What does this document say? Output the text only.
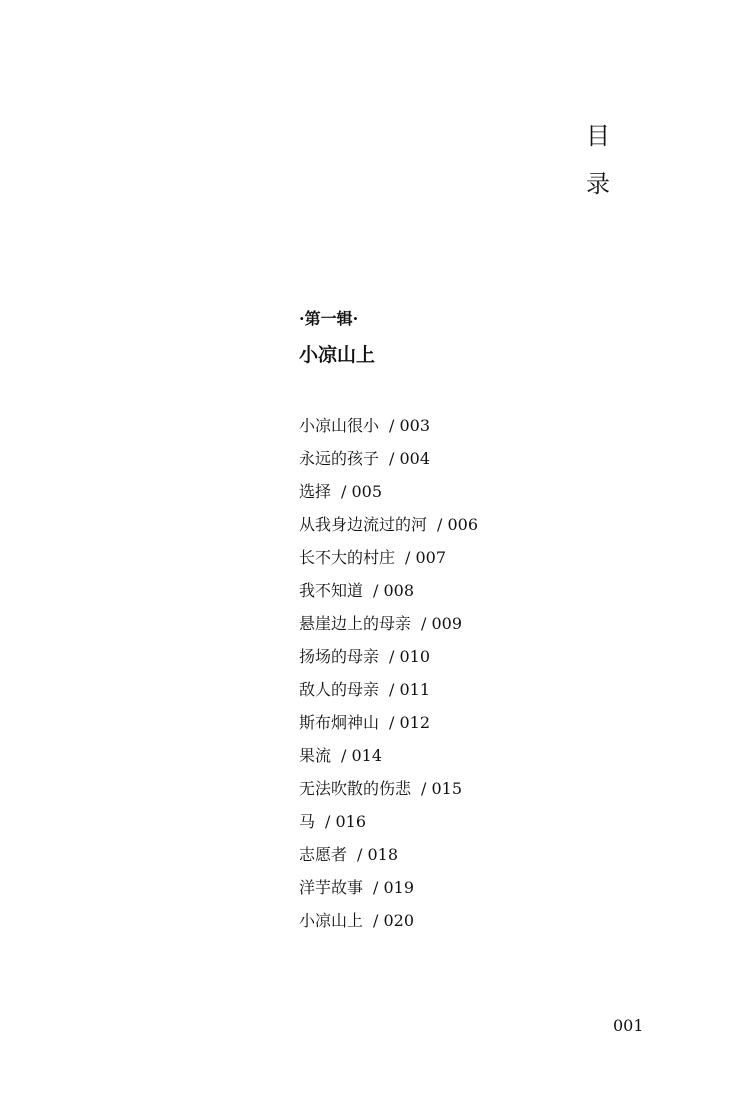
目
录
·第一辑·
小凉山上
小凉山很小 / 003
永远的孩子 / 004
选择 / 005
从我身边流过的河 / 006
长不大的村庄 / 007
我不知道 / 008
悬崖边上的母亲 / 009
扬场的母亲 / 010
敌人的母亲 / 011
斯布炯神山 / 012
果流 / 014
无法吹散的伤悲 / 015
马 / 016
志愿者 / 018
洋芋故事 / 019
小凉山上 / 020
001
